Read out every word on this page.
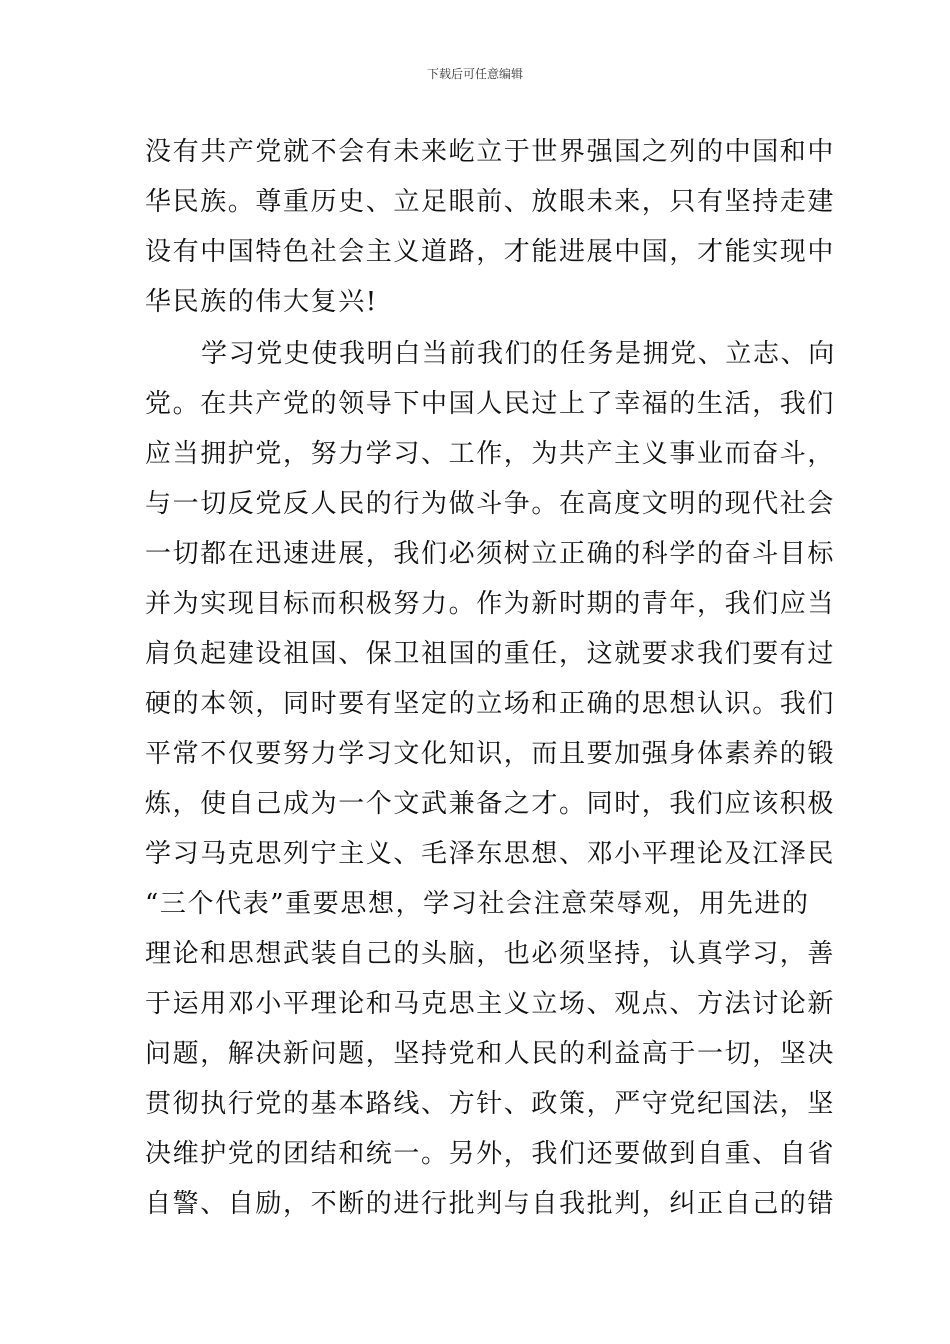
下载后可任意编辑
没有共产党就不会有未来屹立于世界强国之列的中国和中
华民族。尊重历史、立足眼前、放眼未来，只有坚持走建
设有中国特色社会主义道路，才能进展中国，才能实现中
华民族的伟大复兴!
学习党史使我明白当前我们的任务是拥党、立志、向
党。在共产党的领导下中国人民过上了幸福的生活，我们
应当拥护党，努力学习、工作，为共产主义事业而奋斗，
与一切反党反人民的行为做斗争。在高度文明的现代社会
一切都在迅速进展，我们必须树立正确的科学的奋斗目标
并为实现目标而积极努力。作为新时期的青年，我们应当
肩负起建设祖国、保卫祖国的重任，这就要求我们要有过
硬的本领，同时要有坚定的立场和正确的思想认识。我们
平常不仅要努力学习文化知识，而且要加强身体素养的锻
炼，使自己成为一个文武兼备之才。同时，我们应该积极
学习马克思列宁主义、毛泽东思想、邓小平理论及江泽民
“三个代表”重要思想，学习社会注意荣辱观，用先进的
理论和思想武装自己的头脑，也必须坚持，认真学习，善
于运用邓小平理论和马克思主义立场、观点、方法讨论新
问题，解决新问题，坚持党和人民的利益高于一切，坚决
贯彻执行党的基本路线、方针、政策，严守党纪国法，坚
决维护党的团结和统一。另外，我们还要做到自重、自省
自警、自励，不断的进行批判与自我批判，纠正自己的错
